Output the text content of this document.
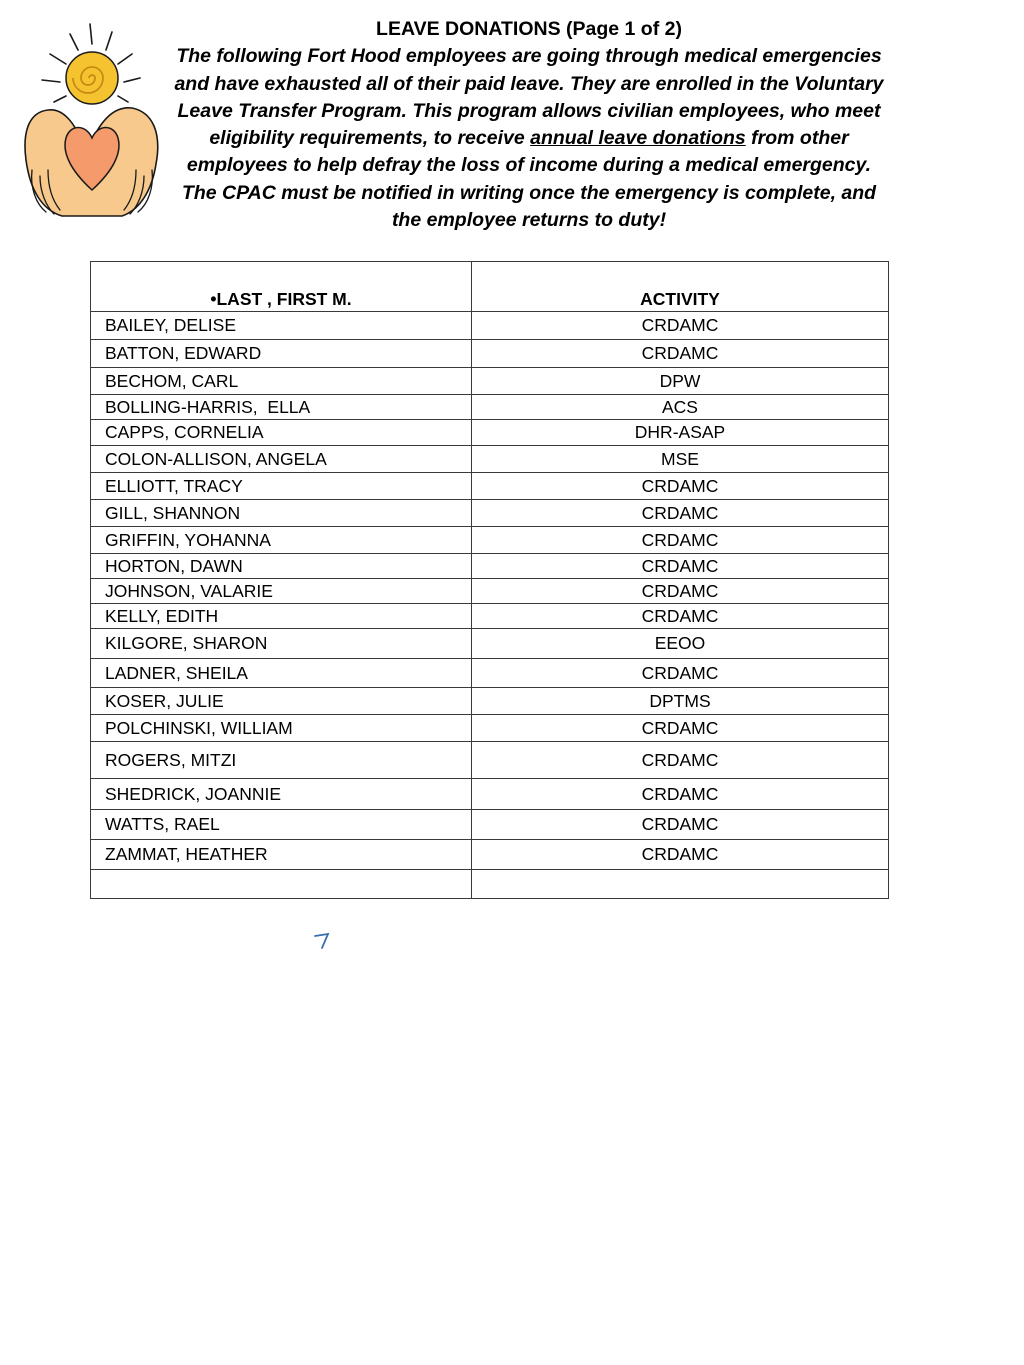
LEAVE DONATIONS (Page 1 of 2)
The following Fort Hood employees are going through medical emergencies and have exhausted all of their paid leave. They are enrolled in the Voluntary Leave Transfer Program. This program allows civilian employees, who meet eligibility requirements, to receive annual leave donations from other employees to help defray the loss of income during a medical emergency. The CPAC must be notified in writing once the emergency is complete, and the employee returns to duty!
•LAST , FIRST M.	ACTIVITY
BAILEY, DELISE	CRDAMC
BATTON, EDWARD	CRDAMC
BECHOM, CARL	DPW
BOLLING-HARRIS,  ELLA	ACS
CAPPS, CORNELIA	DHR-ASAP
COLON-ALLISON, ANGELA	MSE
ELLIOTT, TRACY	CRDAMC
GILL, SHANNON	CRDAMC
GRIFFIN, YOHANNA	CRDAMC
HORTON, DAWN	CRDAMC
JOHNSON, VALARIE	CRDAMC
KELLY, EDITH	CRDAMC
KILGORE, SHARON	EEOO
LADNER, SHEILA	CRDAMC
KOSER, JULIE	DPTMS
POLCHINSKI, WILLIAM	CRDAMC
ROGERS, MITZI	CRDAMC
SHEDRICK, JOANNIE	CRDAMC
WATTS, RAEL	CRDAMC
ZAMMAT, HEATHER	CRDAMC
